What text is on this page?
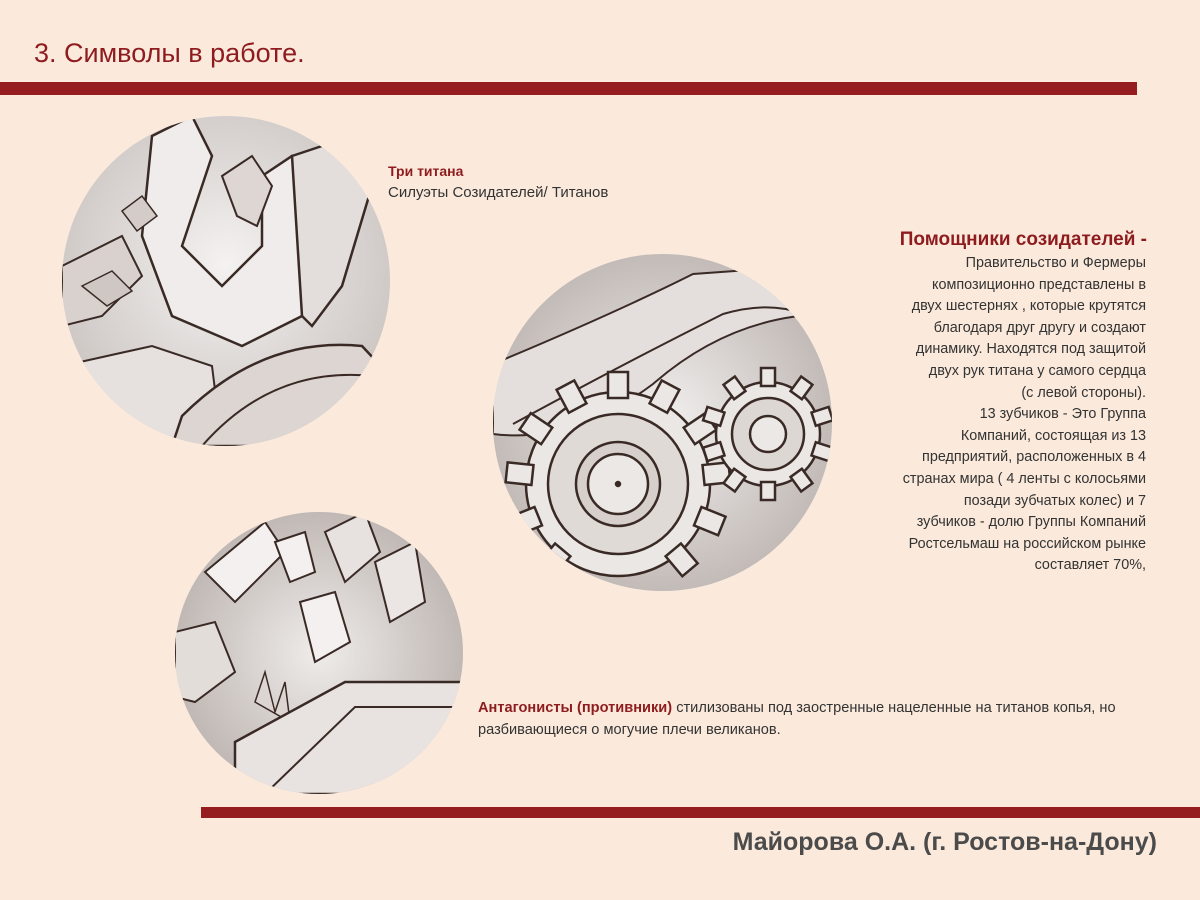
3. Символы в работе.
Три титана
Силуэты Созидателей/ Титанов
Помощники созидателей -
Правительство и Фермеры
композиционно представлены в
двух шестернях , которые крутятся
благодаря друг другу и создают
динамику. Находятся под защитой
двух рук титана у самого сердца
(с левой стороны).
13 зубчиков - Это Группа
Компаний, состоящая из 13
предприятий, расположенных в 4
странах мира ( 4 ленты с колосьями
позади зубчатых колес) и 7
зубчиков - долю Группы Компаний
Ростсельмаш на российском рынке
составляет 70%,
Антагонисты (противники) стилизованы под заостренные нацеленные на титанов копья, но разбивающиеся о могучие плечи великанов.
Майорова О.А. (г. Ростов-на-Дону)
